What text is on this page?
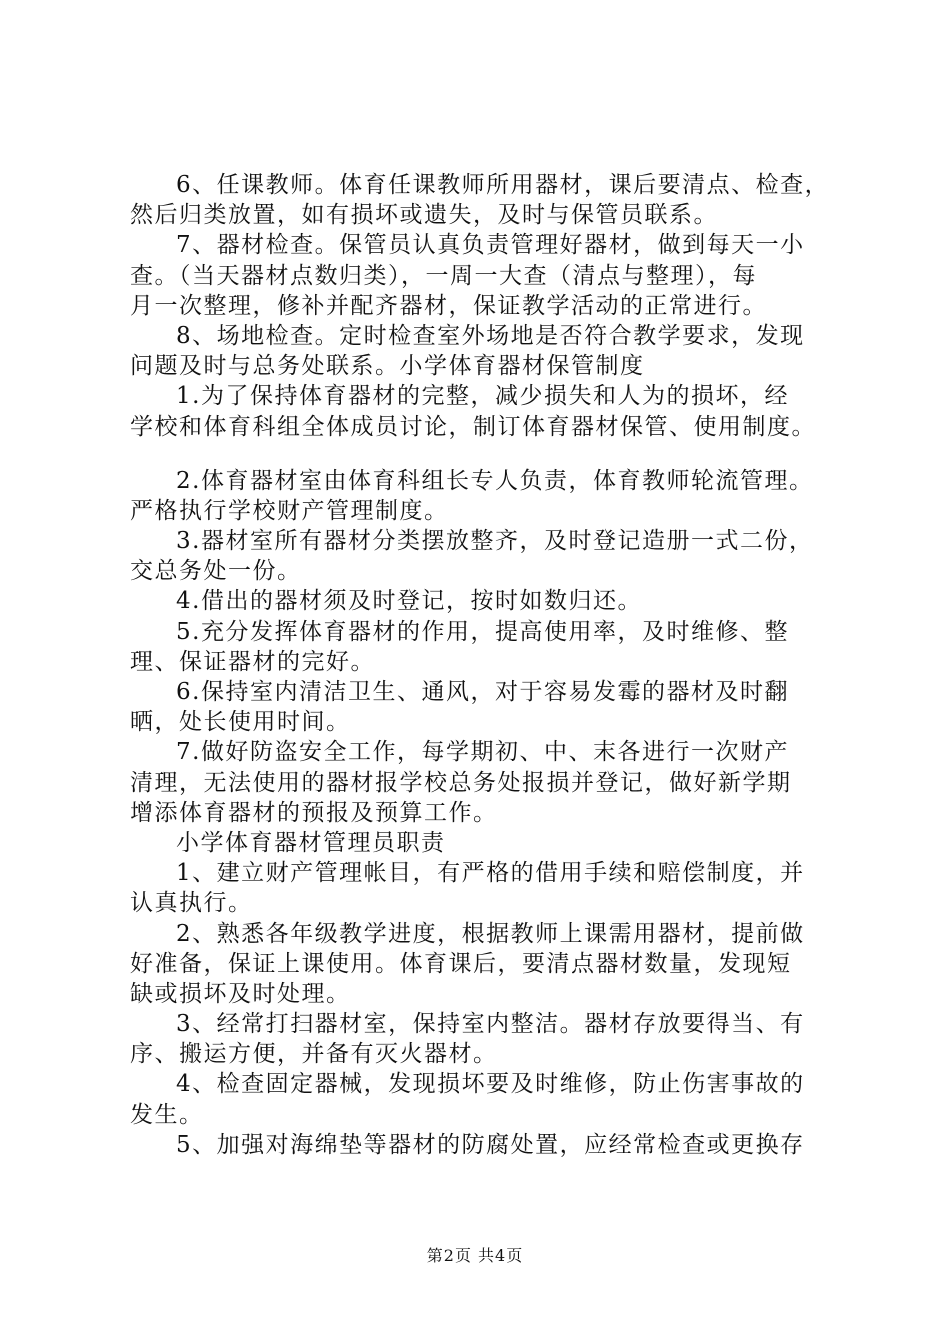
6、任课教师。体育任课教师所用器材，课后要清点、检查，
然后归类放置，如有损坏或遗失，及时与保管员联系。
7、器材检查。保管员认真负责管理好器材，做到每天一小
查。（当天器材点数归类），一周一大查（清点与整理），每
月一次整理，修补并配齐器材，保证教学活动的正常进行。
8、场地检查。定时检查室外场地是否符合教学要求，发现
问题及时与总务处联系。小学体育器材保管制度
1.为了保持体育器材的完整，减少损失和人为的损坏，经
学校和体育科组全体成员讨论，制订体育器材保管、使用制度。
2.体育器材室由体育科组长专人负责，体育教师轮流管理。
严格执行学校财产管理制度。
3.器材室所有器材分类摆放整齐，及时登记造册一式二份，
交总务处一份。
4.借出的器材须及时登记，按时如数归还。
5.充分发挥体育器材的作用，提高使用率，及时维修、整
理、保证器材的完好。
6.保持室内清洁卫生、通风，对于容易发霉的器材及时翻
晒，处长使用时间。
7.做好防盗安全工作，每学期初、中、末各进行一次财产
清理，无法使用的器材报学校总务处报损并登记，做好新学期
增添体育器材的预报及预算工作。
小学体育器材管理员职责
1、建立财产管理帐目，有严格的借用手续和赔偿制度，并
认真执行。
2、熟悉各年级教学进度，根据教师上课需用器材，提前做
好准备，保证上课使用。体育课后，要清点器材数量，发现短
缺或损坏及时处理。
3、经常打扫器材室，保持室内整洁。器材存放要得当、有
序、搬运方便，并备有灭火器材。
4、检查固定器械，发现损坏要及时维修，防止伤害事故的
发生。
5、加强对海绵垫等器材的防腐处置，应经常检查或更换存
第2页 共4页
